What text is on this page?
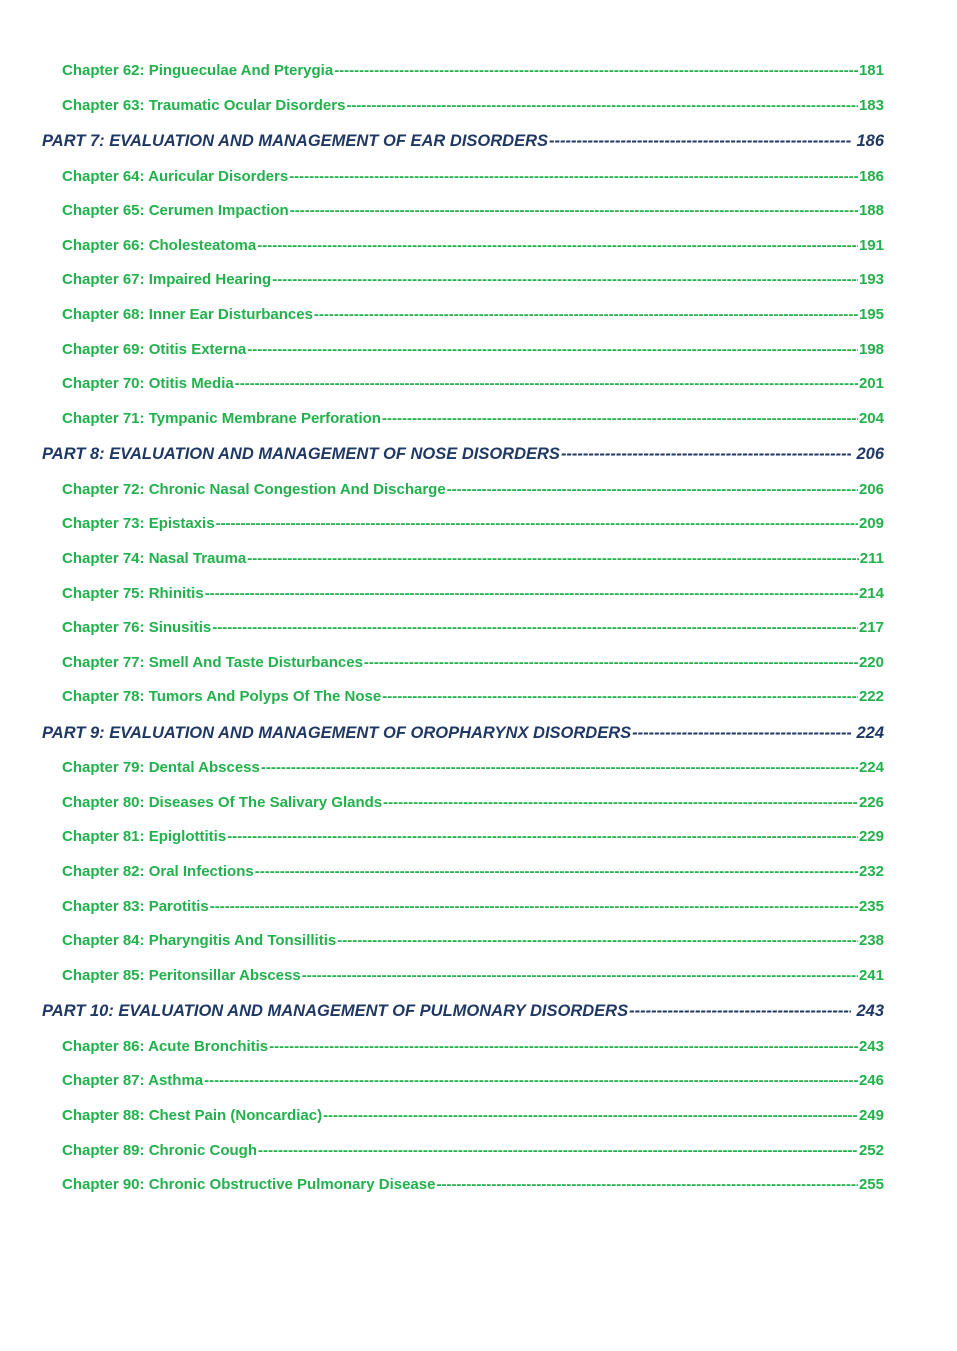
Chapter 62: Pingueculae And Pterygia -----	181
Chapter 63: Traumatic Ocular Disorders -----	183
PART 7: EVALUATION AND MANAGEMENT OF EAR DISORDERS -----	186
Chapter 64: Auricular Disorders -----	186
Chapter 65: Cerumen Impaction -----	188
Chapter 66: Cholesteatoma -----	191
Chapter 67: Impaired Hearing -----	193
Chapter 68: Inner Ear Disturbances -----	195
Chapter 69: Otitis Externa -----	198
Chapter 70: Otitis Media -----	201
Chapter 71: Tympanic Membrane Perforation -----	204
PART 8: EVALUATION AND MANAGEMENT OF NOSE DISORDERS -----	206
Chapter 72: Chronic Nasal Congestion And Discharge -----	206
Chapter 73: Epistaxis -----	209
Chapter 74: Nasal Trauma -----	211
Chapter 75: Rhinitis -----	214
Chapter 76: Sinusitis -----	217
Chapter 77: Smell And Taste Disturbances -----	220
Chapter 78: Tumors And Polyps Of The Nose -----	222
PART 9: EVALUATION AND MANAGEMENT OF OROPHARYNX DISORDERS -----	224
Chapter 79: Dental Abscess -----	224
Chapter 80: Diseases Of The Salivary Glands -----	226
Chapter 81: Epiglottitis -----	229
Chapter 82: Oral Infections -----	232
Chapter 83: Parotitis -----	235
Chapter 84: Pharyngitis And Tonsillitis -----	238
Chapter 85: Peritonsillar Abscess -----	241
PART 10: EVALUATION AND MANAGEMENT OF PULMONARY DISORDERS -----	243
Chapter 86: Acute Bronchitis -----	243
Chapter 87: Asthma -----	246
Chapter 88: Chest Pain (Noncardiac) -----	249
Chapter 89: Chronic Cough -----	252
Chapter 90: Chronic Obstructive Pulmonary Disease -----	255
